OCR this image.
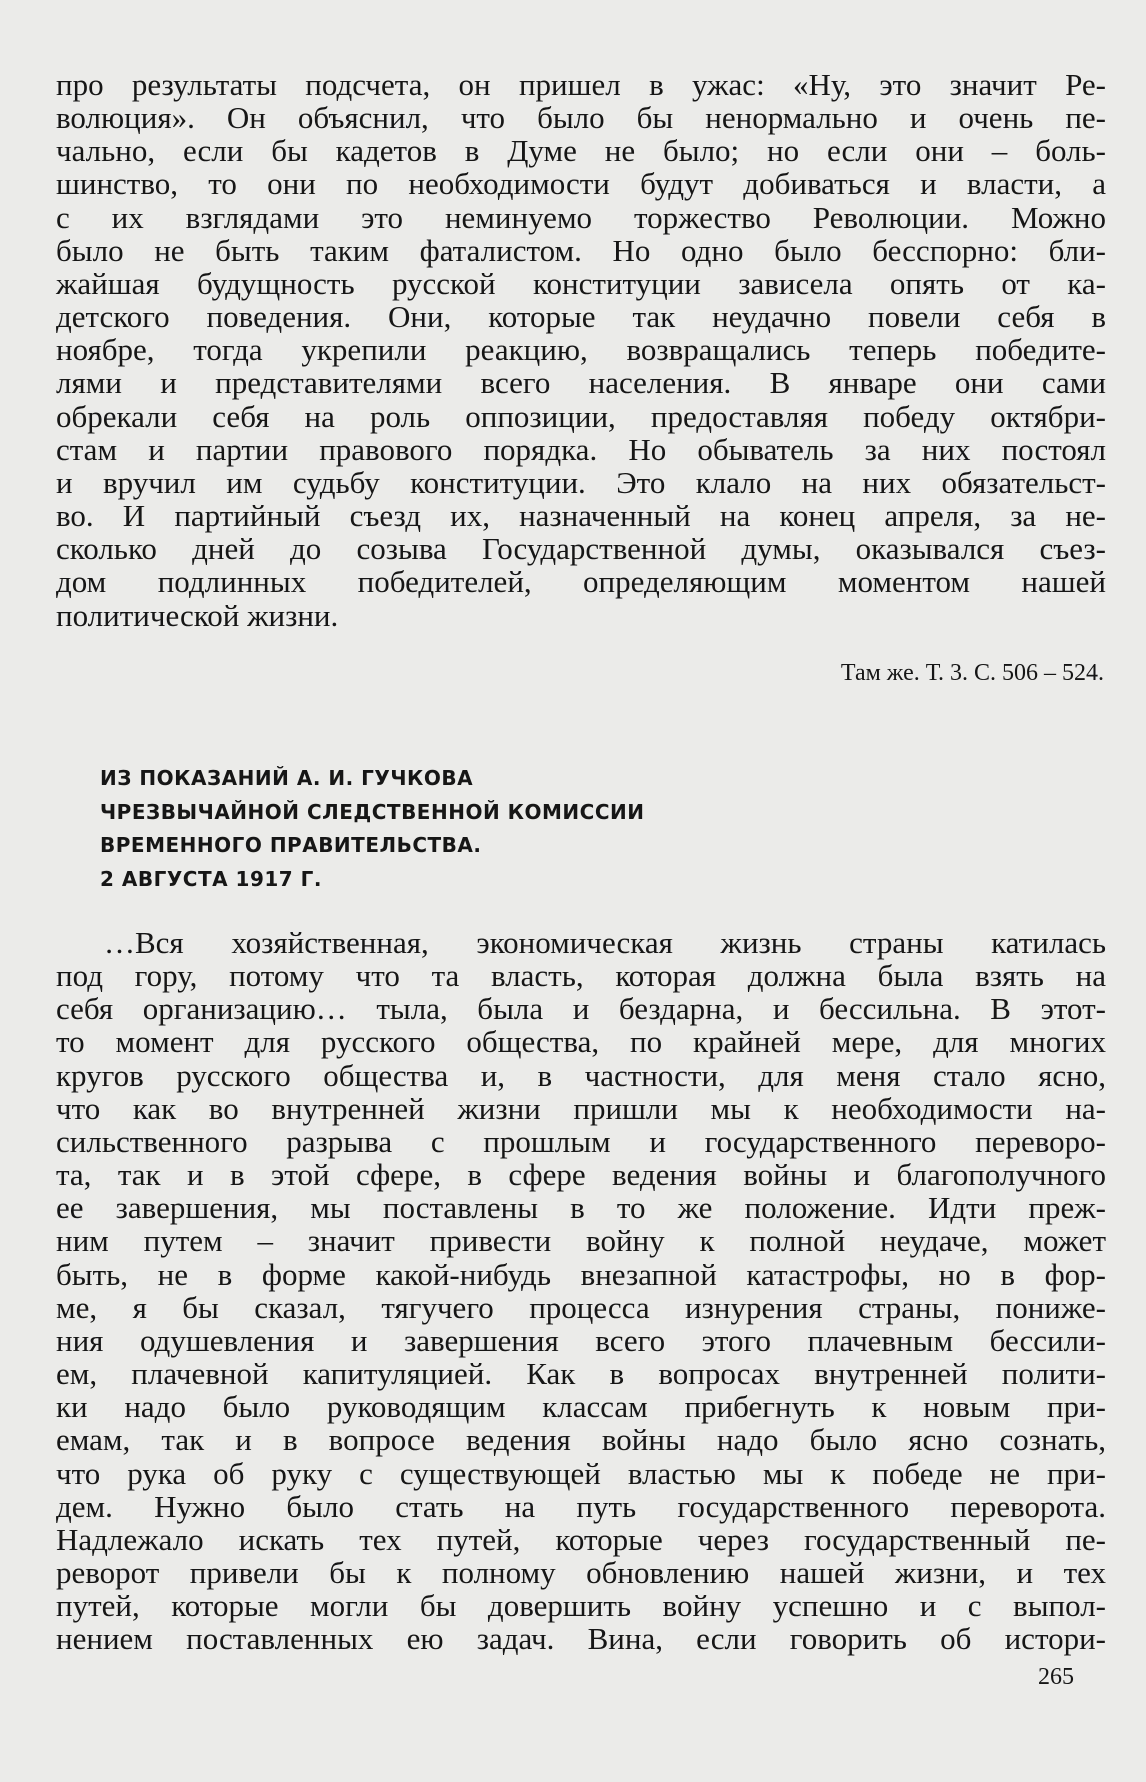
про результаты подсчета, он пришел в ужас: «Ну, это значит Ре-
волюция». Он объяснил, что было бы ненормально и очень пе-
чально, если бы кадетов в Думе не было; но если они – боль-
шинство, то они по необходимости будут добиваться и власти, а
с их взглядами это неминуемо торжество Революции. Можно
было не быть таким фаталистом. Но одно было бесспорно: бли-
жайшая будущность русской конституции зависела опять от ка-
детского поведения. Они, которые так неудачно повели себя в
ноябре, тогда укрепили реакцию, возвращались теперь победите-
лями и представителями всего населения. В январе они сами
обрекали себя на роль оппозиции, предоставляя победу октябри-
стам и партии правового порядка. Но обыватель за них постоял
и вручил им судьбу конституции. Это клало на них обязательст-
во. И партийный съезд их, назначенный на конец апреля, за не-
сколько дней до созыва Государственной думы, оказывался съез-
дом подлинных победителей, определяющим моментом нашей
политической жизни.
Там же. Т. 3. С. 506 – 524.
ИЗ ПОКАЗАНИЙ А. И. ГУЧКОВА
ЧРЕЗВЫЧАЙНОЙ СЛЕДСТВЕННОЙ КОМИССИИ
ВРЕМЕННОГО ПРАВИТЕЛЬСТВА.
2 АВГУСТА 1917 Г.
…Вся хозяйственная, экономическая жизнь страны катилась
под гору, потому что та власть, которая должна была взять на
себя организацию… тыла, была и бездарна, и бессильна. В этот-
то момент для русского общества, по крайней мере, для многих
кругов русского общества и, в частности, для меня стало ясно,
что как во внутренней жизни пришли мы к необходимости на-
сильственного разрыва с прошлым и государственного переворо-
та, так и в этой сфере, в сфере ведения войны и благополучного
ее завершения, мы поставлены в то же положение. Идти преж-
ним путем – значит привести войну к полной неудаче, может
быть, не в форме какой-нибудь внезапной катастрофы, но в фор-
ме, я бы сказал, тягучего процесса изнурения страны, пониже-
ния одушевления и завершения всего этого плачевным бессили-
ем, плачевной капитуляцией. Как в вопросах внутренней полити-
ки надо было руководящим классам прибегнуть к новым при-
емам, так и в вопросе ведения войны надо было ясно сознать,
что рука об руку с существующей властью мы к победе не при-
дем. Нужно было стать на путь государственного переворота.
Надлежало искать тех путей, которые через государственный пе-
реворот привели бы к полному обновлению нашей жизни, и тех
путей, которые могли бы довершить войну успешно и с выпол-
нением поставленных ею задач. Вина, если говорить об истори-
265
